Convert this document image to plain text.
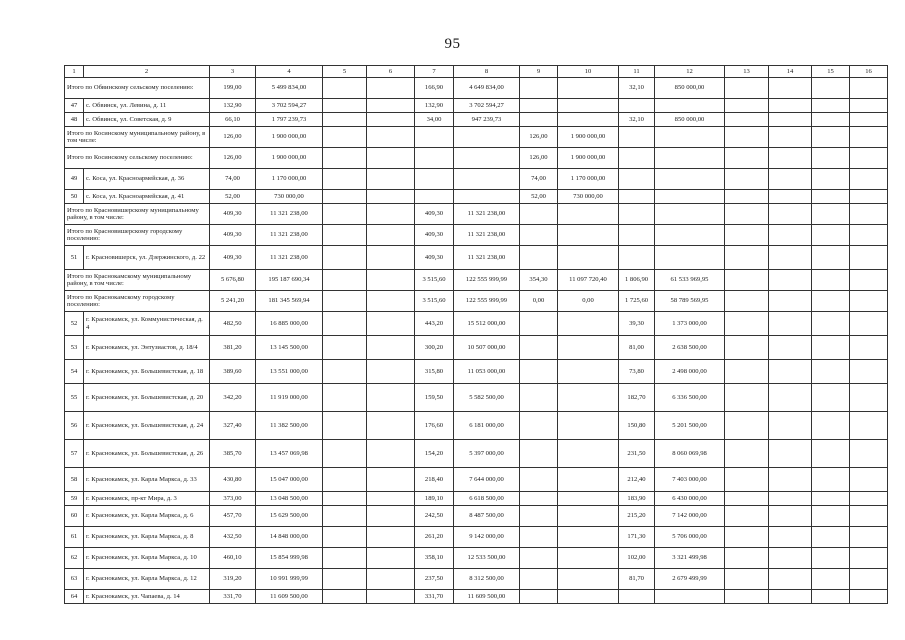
95
1	2	3	4	5	6	7	8	9	10	11	12	13	14	15	16
Итого по Обвинскому сельскому поселению:		199,00	5 499 834,00			166,90	4 649 834,00			32,10	850 000,00				
47	с. Обвинск, ул. Левина, д. 11	132,90	3 702 594,27			132,90	3 702 594,27								
48	с. Обвинск, ул. Советская, д. 9	66,10	1 797 239,73			34,00	947 239,73			32,10	850 000,00				
Итого по Косинскому муниципальному району, в том числе:		126,00	1 900 000,00					126,00	1 900 000,00						
Итого по Косинскому сельскому поселению:		126,00	1 900 000,00					126,00	1 900 000,00						
49	с. Коса, ул. Красноармейская, д. 36	74,00	1 170 000,00					74,00	1 170 000,00						
50	с. Коса, ул. Красноармейская, д. 41	52,00	730 000,00					52,00	730 000,00						
Итого по Красновишерскому муниципальному району, в том числе:		409,30	11 321 238,00			409,30	11 321 238,00								
Итого по Красновишерскому городскому поселению:		409,30	11 321 238,00			409,30	11 321 238,00								
51	г. Красновишерск, ул. Дзержинского, д. 22	409,30	11 321 238,00			409,30	11 321 238,00								
Итого по Краснокамскому муниципальному району, в том числе:		5 676,80	195 187 690,34			3 515,60	122 555 999,99	354,30	11 097 720,40	1 806,90	61 533 969,95				
Итого по Краснокамскому городскому поселению:		5 241,20	181 345 569,94			3 515,60	122 555 999,99	0,00	0,00	1 725,60	58 789 569,95				
52	г. Краснокамск, ул. Коммунистическая, д. 4	482,50	16 885 000,00			443,20	15 512 000,00			39,30	1 373 000,00				
53	г. Краснокамск, ул. Энтузиастов, д. 18/4	381,20	13 145 500,00			300,20	10 507 000,00			81,00	2 638 500,00				
54	г. Краснокамск, ул. Большевистская, д. 18	389,60	13 551 000,00			315,80	11 053 000,00			73,80	2 498 000,00				
55	г. Краснокамск, ул. Большевистская, д. 20	342,20	11 919 000,00			159,50	5 582 500,00			182,70	6 336 500,00				
56	г. Краснокамск, ул. Большевистская, д. 24	327,40	11 382 500,00			176,60	6 181 000,00			150,80	5 201 500,00				
57	г. Краснокамск, ул. Большевистская, д. 26	385,70	13 457 069,98			154,20	5 397 000,00			231,50	8 060 069,98				
58	г. Краснокамск, ул. Карла Маркса, д. 33	430,80	15 047 000,00			218,40	7 644 000,00			212,40	7 403 000,00				
59	г. Краснокамск, пр-кт Мира, д. 3	373,00	13 048 500,00			189,10	6 618 500,00			183,90	6 430 000,00				
60	г. Краснокамск, ул. Карла Маркса, д. 6	457,70	15 629 500,00			242,50	8 487 500,00			215,20	7 142 000,00				
61	г. Краснокамск, ул. Карла Маркса, д. 8	432,50	14 848 000,00			261,20	9 142 000,00			171,30	5 706 000,00				
62	г. Краснокамск, ул. Карла Маркса, д. 10	460,10	15 854 999,98			358,10	12 533 500,00			102,00	3 321 499,98				
63	г. Краснокамск, ул. Карла Маркса, д. 12	319,20	10 991 999,99			237,50	8 312 500,00			81,70	2 679 499,99				
64	г. Краснокамск, ул. Чапаева, д. 14	331,70	11 609 500,00			331,70	11 609 500,00								
